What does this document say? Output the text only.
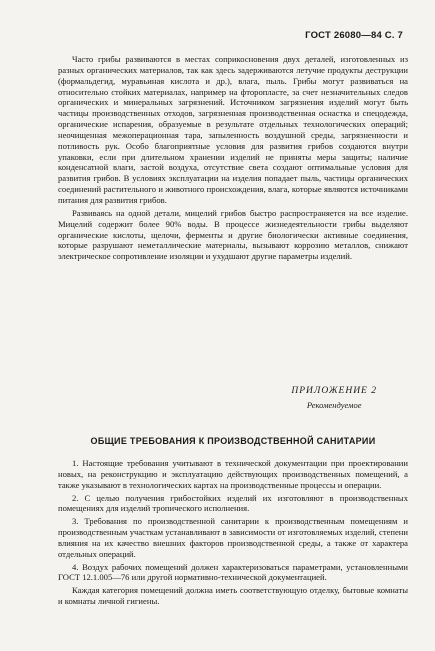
ГОСТ 26080—84 С. 7

Часто грибы развиваются в местах соприкосновения двух деталей, изготовленных из разных органических материалов, так как здесь задерживаются летучие продукты деструкции (формальдегид, муравьиная кислота и др.), влага, пыль. Грибы могут развиваться на относительно стойких материалах, например на фторопласте, за счет незначительных следов органических и минеральных загрязнений. Источником загрязнения изделий могут быть частицы производственных отходов, загрязненная производственная оснастка и спецодежда, органические испарения, образуемые в результате отдельных технологических операций; неочищенная межоперационная тара, запыленность воздушной среды, загрязненности и потливость рук. Особо благоприятные условия для развития грибов создаются внутри упаковки, если при длительном хранении изделий не приняты меры защиты; наличие конденсатной влаги, застой воздуха, отсутствие света создают оптимальные условия для развития грибов. В условиях эксплуатации на изделия попадает пыль, частицы органических соединений растительного и животного происхождения, влага, которые являются источниками питания для развития грибов.

Развиваясь на одной детали, мицелий грибов быстро распространяется на все изделие. Мицелий содержит более 90% воды. В процессе жизнедеятельности грибы выделяют органические кислоты, щелочи, ферменты и другие биологически активные соединения, которые разрушают неметаллические материалы, вызывают коррозию металлов, снижают электрическое сопротивление изоляции и ухудшают другие параметры изделий.

ПРИЛОЖЕНИЕ 2
Рекомендуемое
ОБЩИЕ ТРЕБОВАНИЯ К ПРОИЗВОДСТВЕННОЙ САНИТАРИИ

1. Настоящие требования учитывают в технической документации при проектировании новых, на реконструкцию и эксплуатацию действующих производственных помещений, а также указывают в технологических картах на производственные процессы и операции.

2. С целью получения грибостойких изделий их изготовляют в производственных помещениях для изделий тропического исполнения.

3. Требования по производственной санитарии к производственным помещениям и производственным участкам устанавливают в зависимости от изготовляемых изделий, степени влияния на их качество внешних факторов производственной среды, а также от характера отдельных операций.

4. Воздух рабочих помещений должен характеризоваться параметрами, установленными ГОСТ 12.1.005—76 или другой нормативно-технической документацией.

Каждая категория помещений должна иметь соответствующую отделку, бытовые комнаты и комнаты личной гигиены.
